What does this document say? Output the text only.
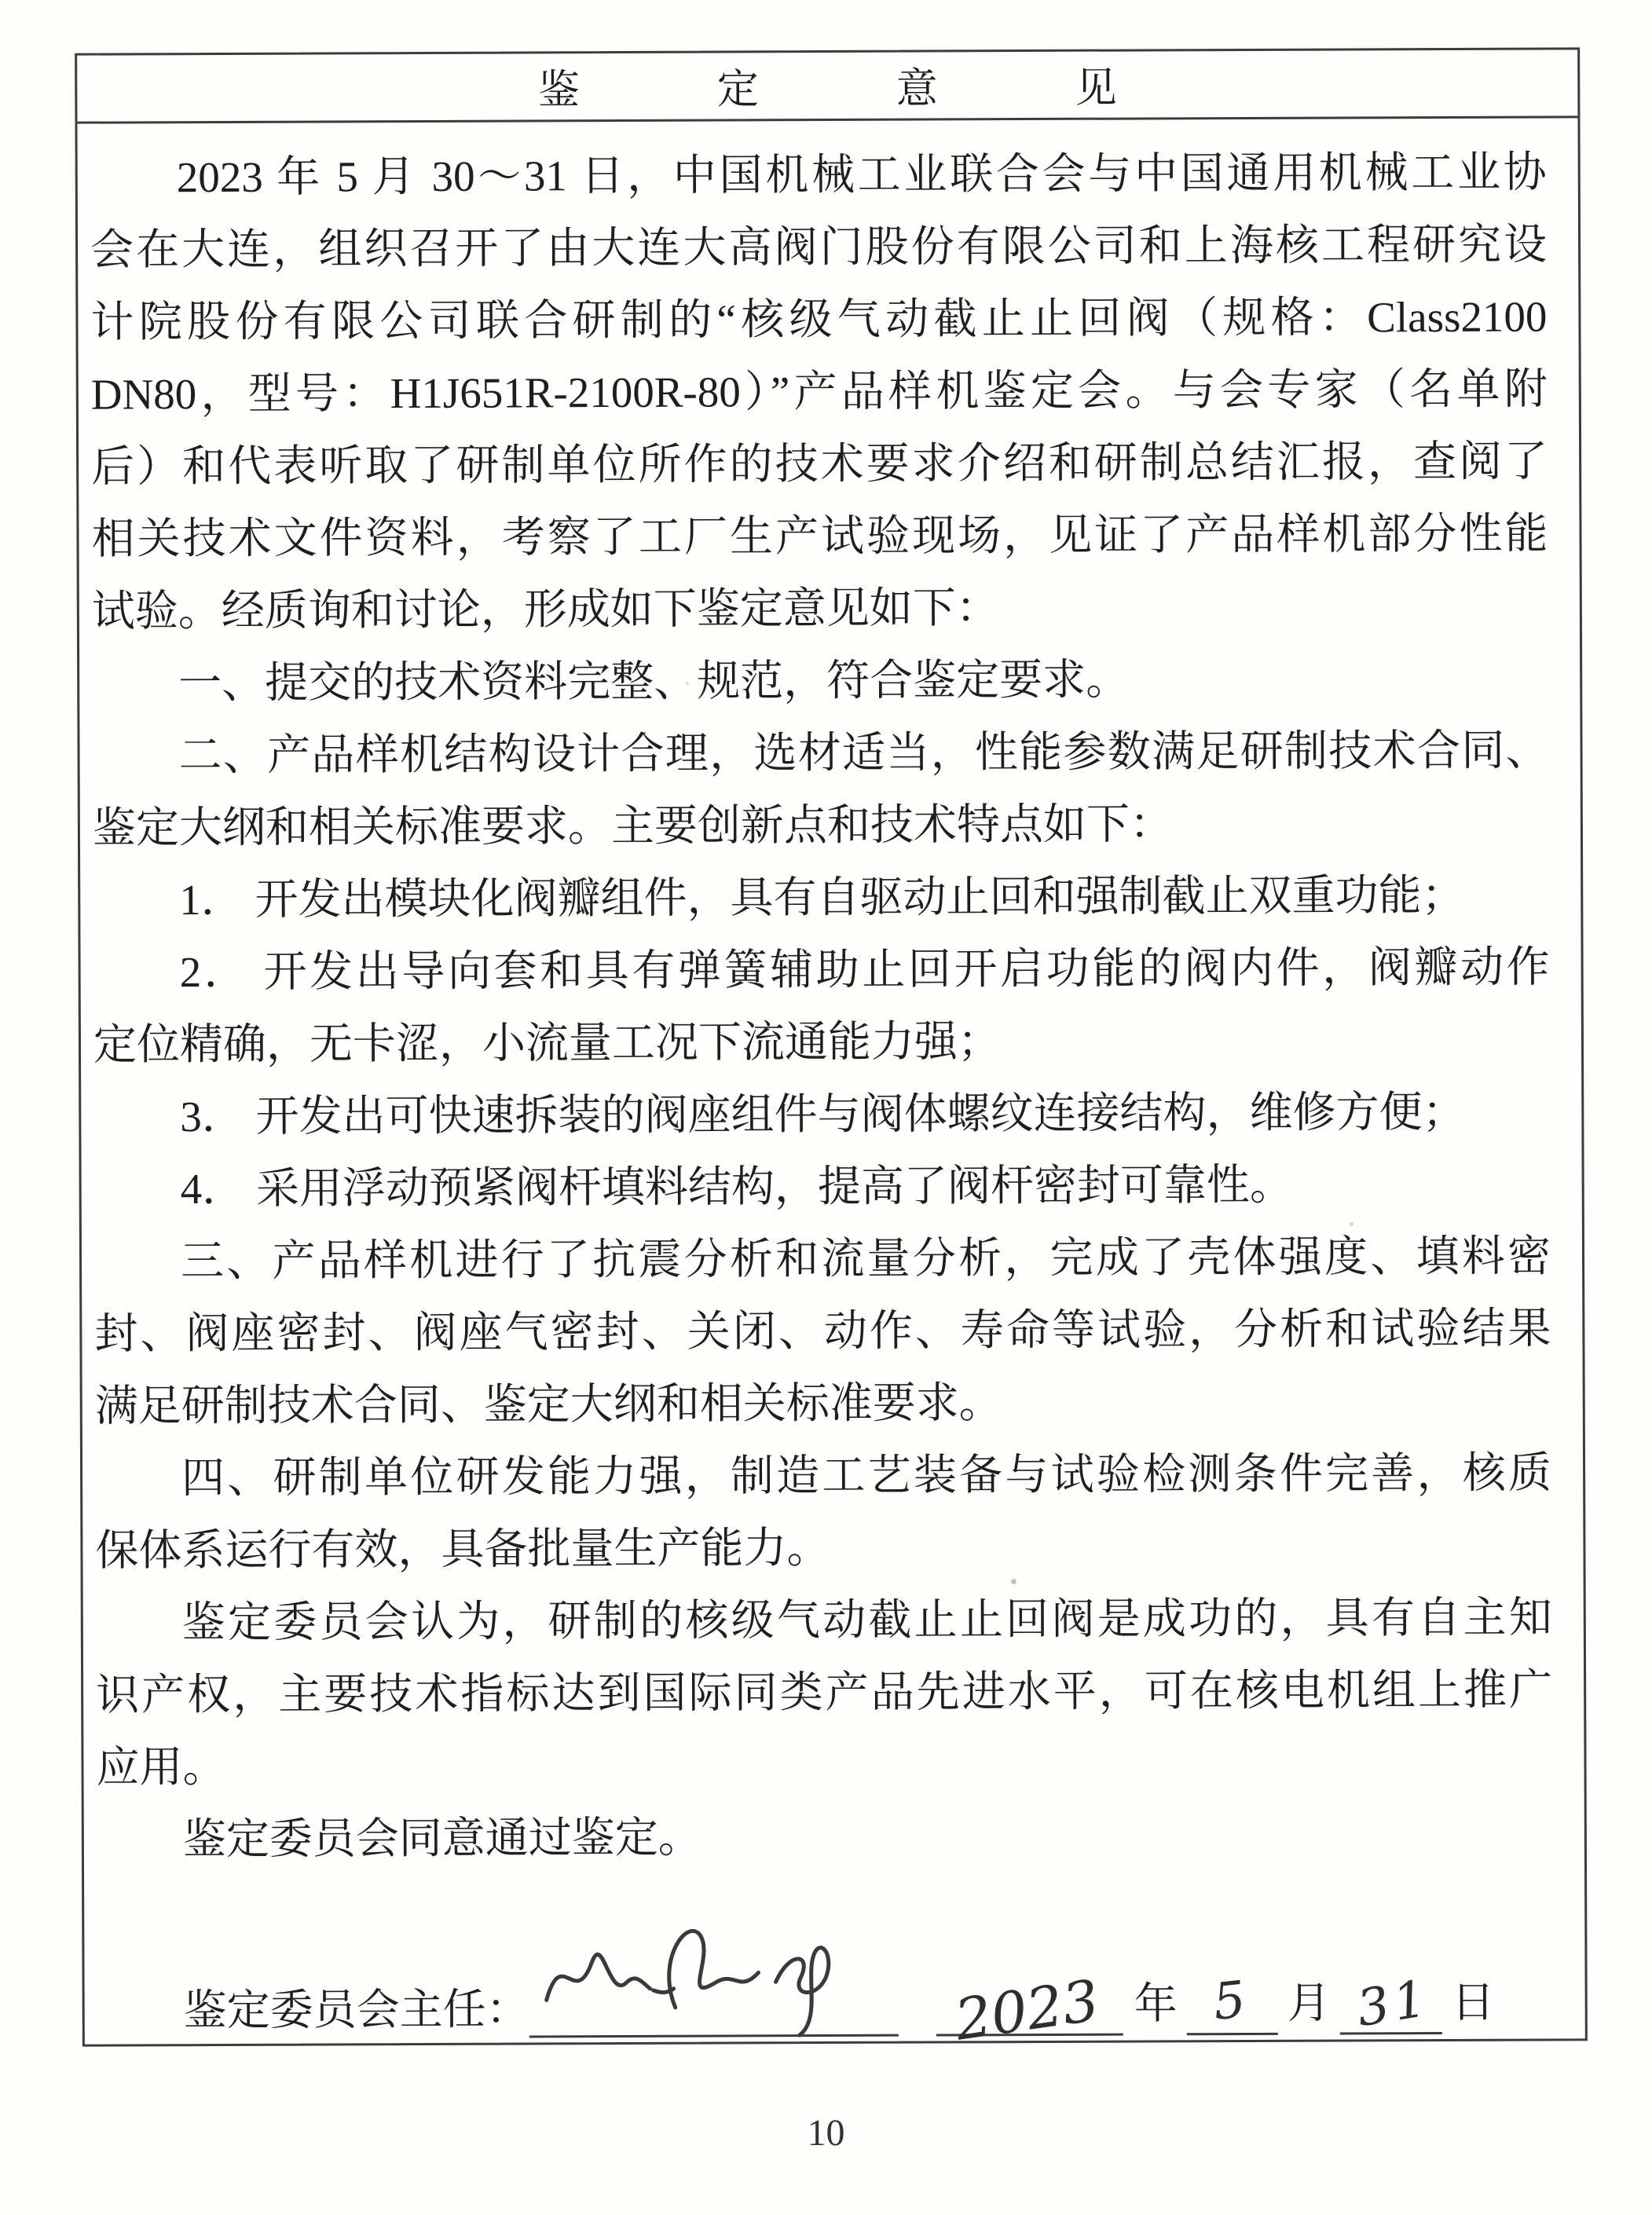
鉴定意见
2023 年 5 月 30～31 日，中国机械工业联合会与中国通用机械工业协
会在大连，组织召开了由大连大高阀门股份有限公司和上海核工程研究设
计院股份有限公司联合研制的“核级气动截止止回阀（规格：Class2100
DN80，型号：H1J651R-2100R-80）”产品样机鉴定会。与会专家（名单附
后）和代表听取了研制单位所作的技术要求介绍和研制总结汇报，查阅了
相关技术文件资料，考察了工厂生产试验现场，见证了产品样机部分性能
试验。经质询和讨论，形成如下鉴定意见如下：
一、提交的技术资料完整、规范，符合鉴定要求。
二、产品样机结构设计合理，选材适当，性能参数满足研制技术合同、
鉴定大纲和相关标准要求。主要创新点和技术特点如下：
1． 开发出模块化阀瓣组件，具有自驱动止回和强制截止双重功能；
2． 开发出导向套和具有弹簧辅助止回开启功能的阀内件，阀瓣动作
定位精确，无卡涩，小流量工况下流通能力强；
3． 开发出可快速拆装的阀座组件与阀体螺纹连接结构，维修方便；
4． 采用浮动预紧阀杆填料结构，提高了阀杆密封可靠性。
三、产品样机进行了抗震分析和流量分析，完成了壳体强度、填料密
封、阀座密封、阀座气密封、关闭、动作、寿命等试验，分析和试验结果
满足研制技术合同、鉴定大纲和相关标准要求。
四、研制单位研发能力强，制造工艺装备与试验检测条件完善，核质
保体系运行有效，具备批量生产能力。
鉴定委员会认为，研制的核级气动截止止回阀是成功的，具有自主知
识产权，主要技术指标达到国际同类产品先进水平，可在核电机组上推广
应用。
鉴定委员会同意通过鉴定。
鉴定委员会主任：	2023 年 5 月 31 日
10
